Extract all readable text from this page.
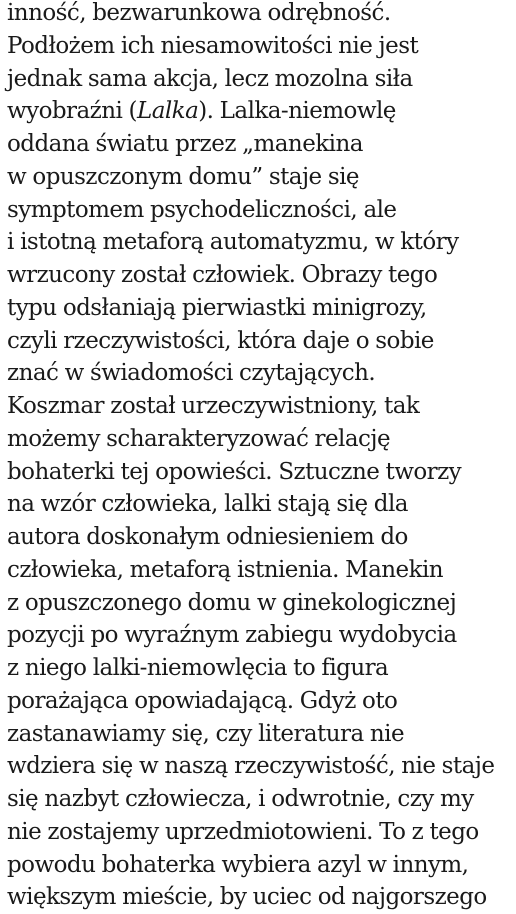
inność, bezwarunkowa odrębność.
Podłożem ich niesamowitości nie jest
jednak sama akcja, lecz mozolna siła
wyobraźni (Lalka). Lalka-niemowlę
oddana światu przez „manekina
w opuszczonym domu” staje się
symptomem psychodeliczności, ale
i istotną metaforą automatyzmu, w który
wrzucony został człowiek. Obrazy tego
typu odsłaniają pierwiastki minigrozy,
czyli rzeczywistości, która daje o sobie
znać w świadomości czytających.
Koszmar został urzeczywistniony, tak
możemy scharakteryzować relację
bohaterki tej opowieści. Sztuczne tworzy
na wzór człowieka, lalki stają się dla
autora doskonałym odniesieniem do
człowieka, metaforą istnienia. Manekin
z opuszczonego domu w ginekologicznej
pozycji po wyraźnym zabiegu wydobycia
z niego lalki-niemowlęcia to figura
porażająca opowiadającą. Gdyż oto
zastanawiamy się, czy literatura nie
wdziera się w naszą rzeczywistość, nie staje
się nazbyt człowiecza, i odwrotnie, czy my
nie zostajemy uprzedmiotowieni. To z tego
powodu bohaterka wybiera azyl w innym,
większym mieście, by uciec od najgorszego
